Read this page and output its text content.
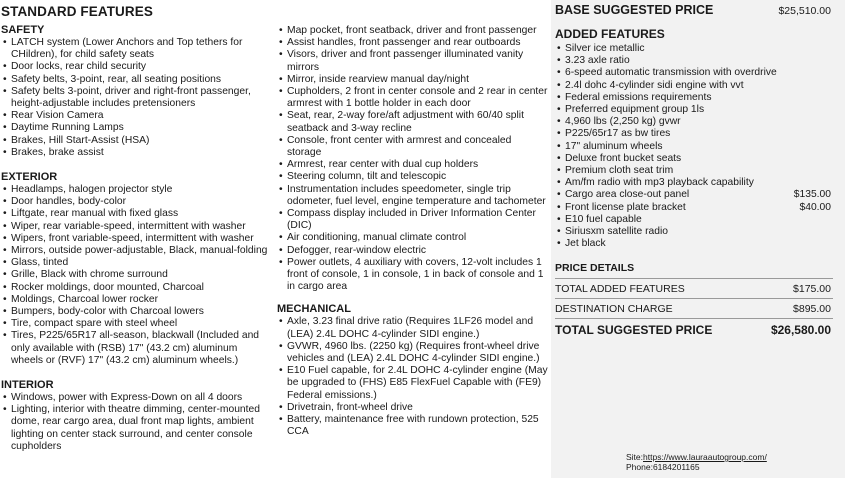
STANDARD FEATURES
SAFETY
• LATCH system (Lower Anchors and Top tethers for CHildren), for child safety seats
• Door locks, rear child security
• Safety belts, 3-point, rear, all seating positions
• Safety belts 3-point, driver and right-front passenger, height-adjustable includes pretensioners
• Rear Vision Camera
• Daytime Running Lamps
• Brakes, Hill Start-Assist (HSA)
• Brakes, brake assist
EXTERIOR
• Headlamps, halogen projector style
• Door handles, body-color
• Liftgate, rear manual with fixed glass
• Wiper, rear variable-speed, intermittent with washer
• Wipers, front variable-speed, intermittent with washer
• Mirrors, outside power-adjustable, Black, manual-folding
• Glass, tinted
• Grille, Black with chrome surround
• Rocker moldings, door mounted, Charcoal
• Moldings, Charcoal lower rocker
• Bumpers, body-color with Charcoal lowers
• Tire, compact spare with steel wheel
• Tires, P225/65R17 all-season, blackwall (Included and only available with (RSB) 17" (43.2 cm) aluminum wheels or (RVF) 17" (43.2 cm) aluminum wheels.)
INTERIOR
• Windows, power with Express-Down on all 4 doors
• Lighting, interior with theatre dimming, center-mounted dome, rear cargo area, dual front map lights, ambient lighting on center stack surround, and center console cupholders
• Map pocket, front seatback, driver and front passenger
• Assist handles, front passenger and rear outboards
• Visors, driver and front passenger illuminated vanity mirrors
• Mirror, inside rearview manual day/night
• Cupholders, 2 front in center console and 2 rear in center armrest with 1 bottle holder in each door
• Seat, rear, 2-way fore/aft adjustment with 60/40 split seatback and 3-way recline
• Console, front center with armrest and concealed storage
• Armrest, rear center with dual cup holders
• Steering column, tilt and telescopic
• Instrumentation includes speedometer, single trip odometer, fuel level, engine temperature and tachometer
• Compass display included in Driver Information Center (DIC)
• Air conditioning, manual climate control
• Defogger, rear-window electric
• Power outlets, 4 auxiliary with covers, 12-volt includes 1 front of console, 1 in console, 1 in back of console and 1 in cargo area
MECHANICAL
• Axle, 3.23 final drive ratio (Requires 1LF26 model and (LEA) 2.4L DOHC 4-cylinder SIDI engine.)
• GVWR, 4960 lbs. (2250 kg) (Requires front-wheel drive vehicles and (LEA) 2.4L DOHC 4-cylinder SIDI engine.)
• E10 Fuel capable, for 2.4L DOHC 4-cylinder engine (May be upgraded to (FHS) E85 FlexFuel Capable with (FE9) Federal emissions.)
• Drivetrain, front-wheel drive
• Battery, maintenance free with rundown protection, 525 CCA
BASE SUGGESTED PRICE	$25,510.00
ADDED FEATURES
• Silver ice metallic
• 3.23 axle ratio
• 6-speed automatic transmission with overdrive
• 2.4l dohc 4-cylinder sidi engine with vvt
• Federal emissions requirements
• Preferred equipment group 1ls
• 4,960 lbs (2,250 kg) gvwr
• P225/65r17 as bw tires
• 17" aluminum wheels
• Deluxe front bucket seats
• Premium cloth seat trim
• Am/fm radio with mp3 playback capability
• Cargo area close-out panel	$135.00
• Front license plate bracket	$40.00
• E10 fuel capable
• Siriusxm satellite radio
• Jet black
PRICE DETAILS
TOTAL ADDED FEATURES	$175.00
DESTINATION CHARGE	$895.00
TOTAL SUGGESTED PRICE	$26,580.00
Site:https://www.lauraautogroup.com/
Phone:6184201165
